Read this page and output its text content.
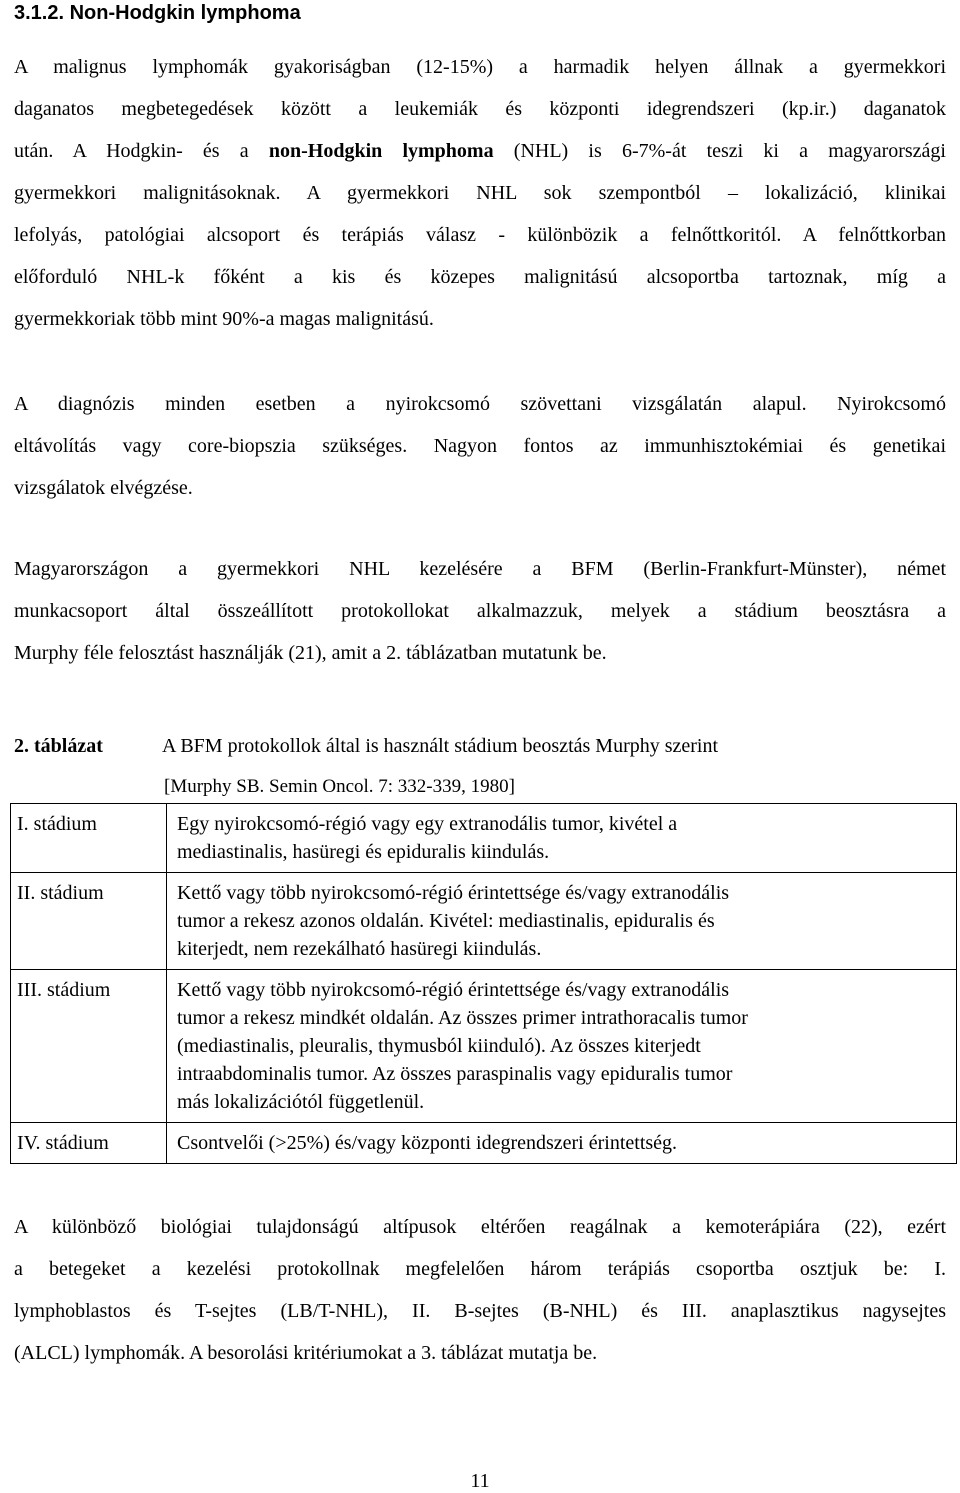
3.1.2. Non-Hodgkin lymphoma
A malignus lymphomák gyakoriságban (12-15%) a harmadik helyen állnak a gyermekkori
daganatos megbetegedések között a leukemiák és központi idegrendszeri (kp.ir.) daganatok
után. A Hodgkin- és a non-Hodgkin lymphoma (NHL) is 6-7%-át teszi ki a magyarországi
gyermekkori malignitásoknak. A gyermekkori NHL sok szempontból – lokalizáció, klinikai
lefolyás, patológiai alcsoport és terápiás válasz - különbözik a felnőttkoritól. A felnőttkorban
előforduló NHL-k főként a kis és közepes malignitású alcsoportba tartoznak, míg a
gyermekkoriak több mint 90%-a magas malignitású.
A diagnózis minden esetben a nyirokcsomó szövettani vizsgálatán alapul. Nyirokcsomó
eltávolítás vagy core-biopszia szükséges. Nagyon fontos az immunhisztokémiai és genetikai
vizsgálatok elvégzése.
Magyarországon a gyermekkori NHL kezelésére a BFM (Berlin-Frankfurt-Münster), német
munkacsoport által összeállított protokollokat alkalmazzuk, melyek a stádium beosztásra a
Murphy féle felosztást használják (21), amit a 2. táblázatban mutatunk be.
2. táblázat	A BFM protokollok által is használt stádium beosztás Murphy szerint
[Murphy SB. Semin Oncol. 7: 332-339, 1980]
I. stádium	Egy nyirokcsomó-régió vagy egy extranodális tumor, kivétel a
mediastinalis, hasüregi és epiduralis kiindulás.

II. stádium	Kettő vagy több nyirokcsomó-régió érintettsége és/vagy extranodális
tumor a rekesz azonos oldalán. Kivétel: mediastinalis, epiduralis és
kiterjedt, nem rezekálható hasüregi kiindulás.

III. stádium	Kettő vagy több nyirokcsomó-régió érintettsége és/vagy extranodális
tumor a rekesz mindkét oldalán. Az összes primer intrathoracalis tumor
(mediastinalis, pleuralis, thymusból kiinduló). Az összes kiterjedt
intraabdominalis tumor. Az összes paraspinalis vagy epiduralis tumor
más lokalizációtól függetlenül.

IV. stádium	Csontvelői (>25%) és/vagy központi idegrendszeri érintettség.
A különböző biológiai tulajdonságú altípusok eltérően reagálnak a kemoterápiára (22), ezért
a betegeket a kezelési protokollnak megfelelően három terápiás csoportba osztjuk be: I.
lymphoblastos és T-sejtes (LB/T-NHL), II. B-sejtes (B-NHL) és III. anaplasztikus nagysejtes
(ALCL) lymphomák. A besorolási kritériumokat a 3. táblázat mutatja be.
11
